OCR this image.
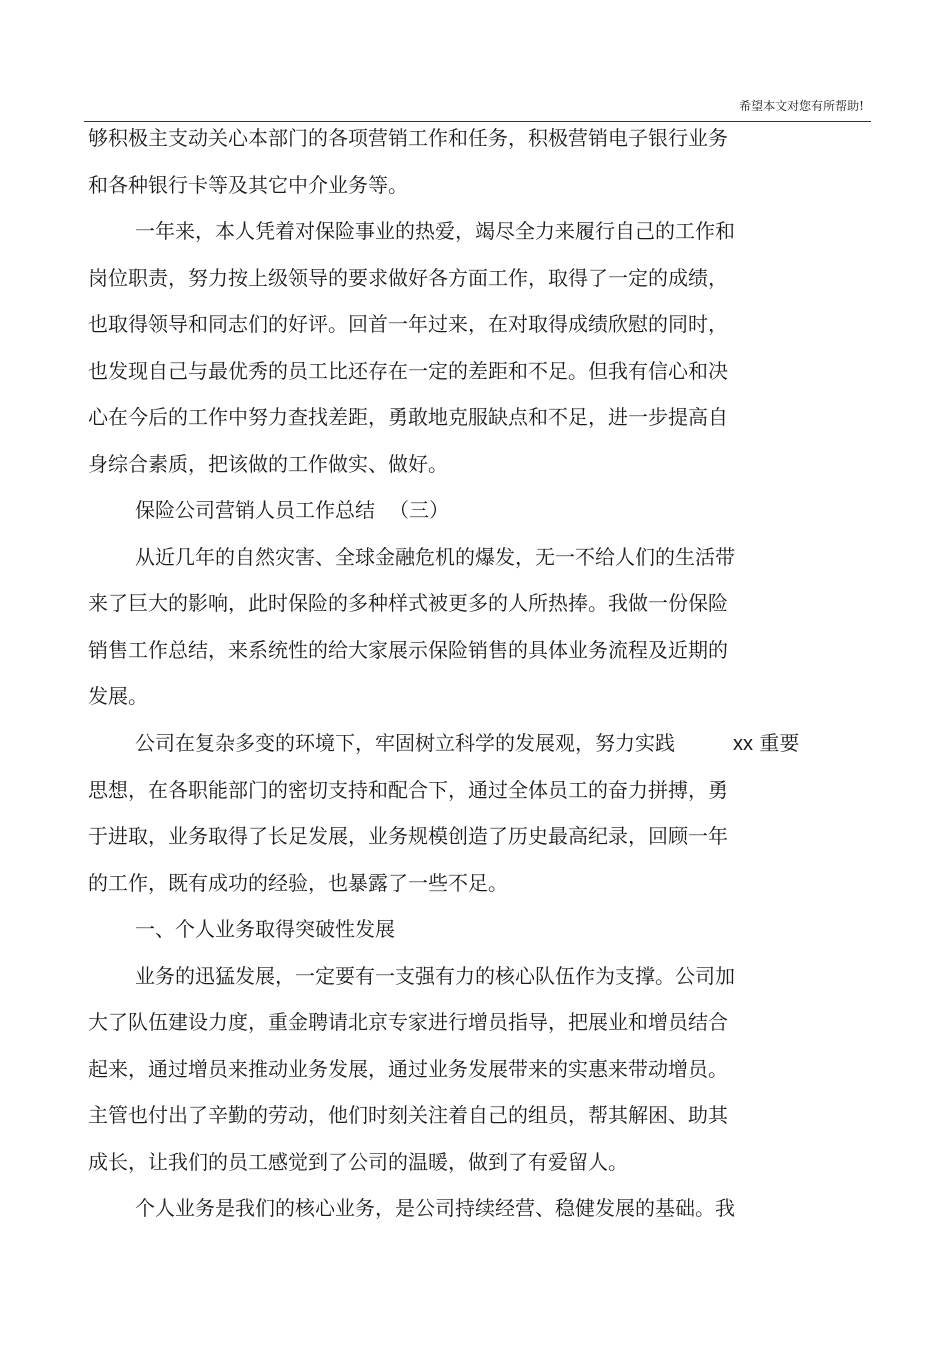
希望本文对您有所帮助!
够积极主支动关心本部门的各项营销工作和任务，积极营销电子银行业务
和各种银行卡等及其它中介业务等。
一年来，本人凭着对保险事业的热爱，竭尽全力来履行自己的工作和
岗位职责，努力按上级领导的要求做好各方面工作，取得了一定的成绩，
也取得领导和同志们的好评。回首一年过来，在对取得成绩欣慰的同时，
也发现自己与最优秀的员工比还存在一定的差距和不足。但我有信心和决
心在今后的工作中努力查找差距，勇敢地克服缺点和不足，进一步提高自
身综合素质，把该做的工作做实、做好。
保险公司营销人员工作总结 （三）
从近几年的自然灾害、全球金融危机的爆发，无一不给人们的生活带
来了巨大的影响，此时保险的多种样式被更多的人所热捧。我做一份保险
销售工作总结，来系统性的给大家展示保险销售的具体业务流程及近期的
发展。
公司在复杂多变的环境下，牢固树立科学的发展观，努力实践	xx 重要
思想，在各职能部门的密切支持和配合下，通过全体员工的奋力拼搏，勇
于进取，业务取得了长足发展，业务规模创造了历史最高纪录，回顾一年
的工作，既有成功的经验，也暴露了一些不足。
一、个人业务取得突破性发展
业务的迅猛发展，一定要有一支强有力的核心队伍作为支撑。公司加
大了队伍建设力度，重金聘请北京专家进行增员指导，把展业和增员结合
起来，通过增员来推动业务发展，通过业务发展带来的实惠来带动增员。
主管也付出了辛勤的劳动，他们时刻关注着自己的组员，帮其解困、助其
成长，让我们的员工感觉到了公司的温暖，做到了有爱留人。
个人业务是我们的核心业务，是公司持续经营、稳健发展的基础。我
